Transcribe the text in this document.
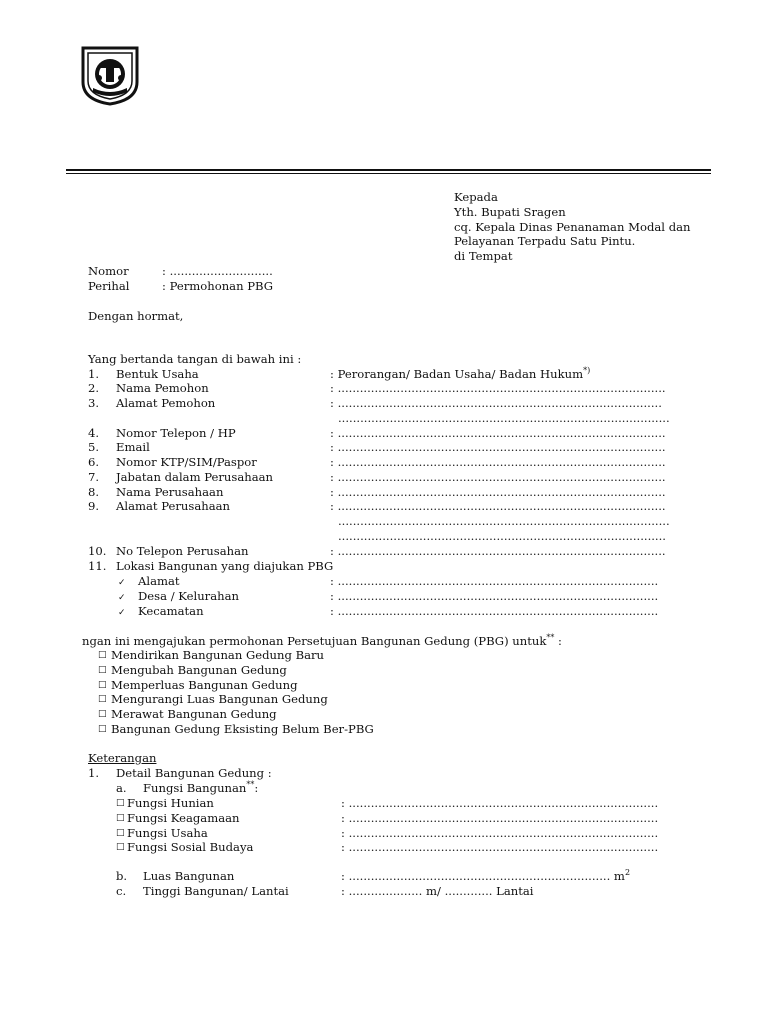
Kepada
Yth. Bupati Sragen
cq. Kepala Dinas Penanaman Modal dan
Pelayanan Terpadu Satu Pintu.
di Tempat
Nomor	: ............................
Perihal	: Permohonan PBG
Dengan hormat,
Yang bertanda tangan di bawah ini :
1. Bentuk Usaha	: Perorangan/ Badan Usaha/ Badan Hukum*)
2. Nama Pemohon	: .........................................................................................
3. Alamat Pemohon	: ........................................................................................
..........................................................................................
4. Nomor Telepon / HP	: .........................................................................................
5. Email	: .........................................................................................
6. Nomor KTP/SIM/Paspor	: .........................................................................................
7. Jabatan dalam Perusahaan	: .........................................................................................
8. Nama Perusahaan	: .........................................................................................
9. Alamat Perusahaan	: .........................................................................................
..........................................................................................
.........................................................................................
10. No Telepon Perusahan	: .........................................................................................
11. Lokasi Bangunan yang diajukan PBG
✓ Alamat	: .......................................................................................
✓ Desa / Kelurahan	: .......................................................................................
✓ Kecamatan	: .......................................................................................
ngan ini mengajukan permohonan Persetujuan Bangunan Gedung (PBG) untuk** :
□ Mendirikan Bangunan Gedung Baru
□ Mengubah Bangunan Gedung
□ Memperluas Bangunan Gedung
□ Mengurangi Luas Bangunan Gedung
□ Merawat Bangunan Gedung
□ Bangunan Gedung Eksisting Belum Ber-PBG
Keterangan
1. Detail Bangunan Gedung :
a. Fungsi Bangunan**:
□ Fungsi Hunian	: ....................................................................................
□ Fungsi Keagamaan	: ....................................................................................
□ Fungsi Usaha	: ....................................................................................
□ Fungsi Sosial Budaya	: ....................................................................................
b. Luas Bangunan	: ....................................................................... $m^2$
c. Tinggi Bangunan/ Lantai	: .................... m/ ............. Lantai
